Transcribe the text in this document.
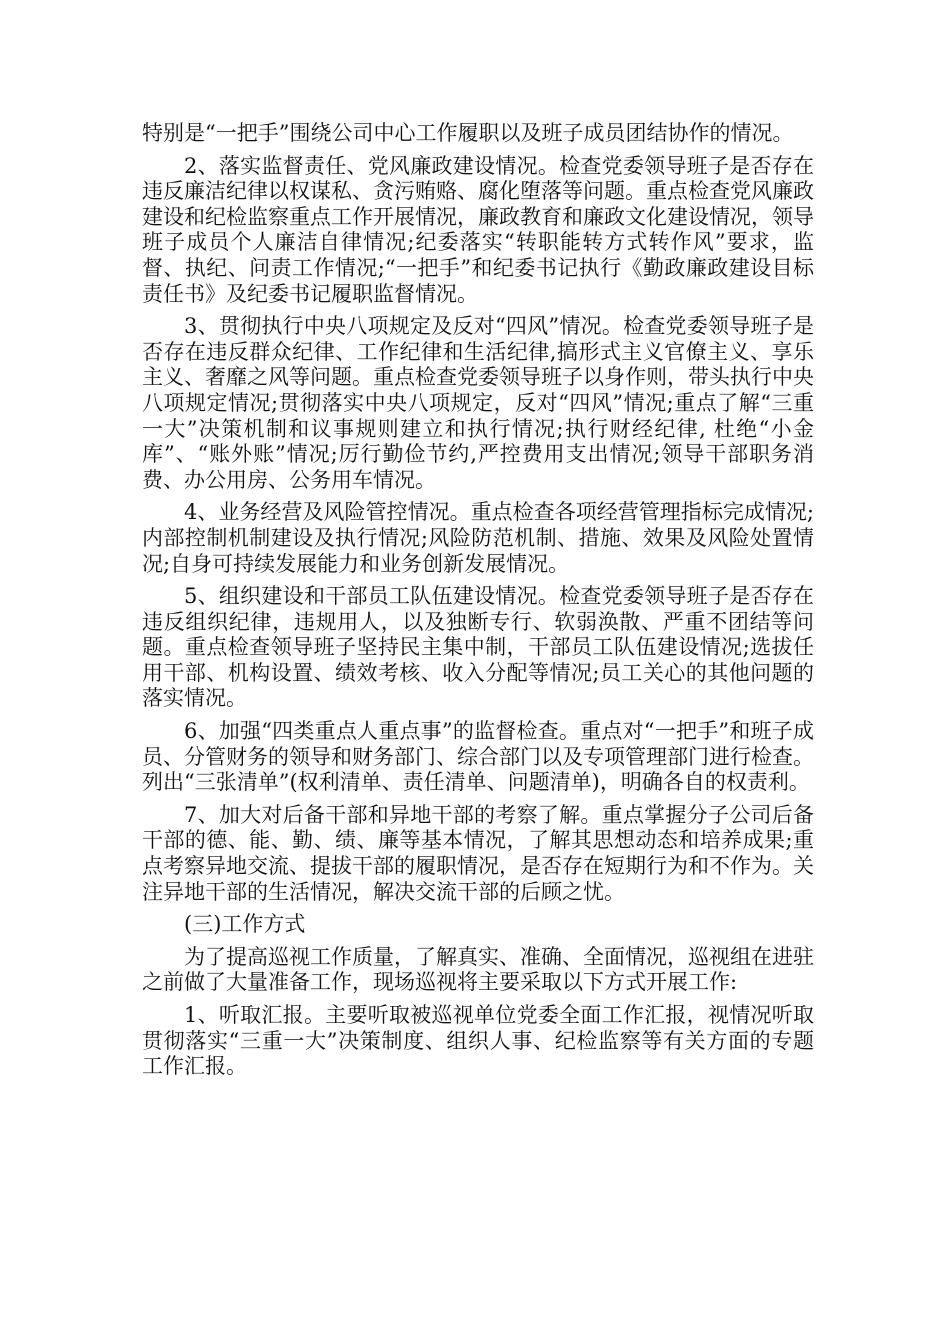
特别是“一把手”围绕公司中心工作履职以及班子成员团结协作的情况。

2、落实监督责任、党风廉政建设情况。检查党委领导班子是否存在违反廉洁纪律以权谋私、贪污贿赂、腐化堕落等问题。重点检查党风廉政建设和纪检监察重点工作开展情况，廉政教育和廉政文化建设情况，领导班子成员个人廉洁自律情况;纪委落实“转职能转方式转作风”要求，监督、执纪、问责工作情况;“一把手”和纪委书记执行《勤政廉政建设目标责任书》及纪委书记履职监督情况。

3、贯彻执行中央八项规定及反对“四风”情况。检查党委领导班子是否存在违反群众纪律、工作纪律和生活纪律,搞形式主义官僚主义、享乐主义、奢靡之风等问题。重点检查党委领导班子以身作则，带头执行中央八项规定情况;贯彻落实中央八项规定，反对“四风”情况;重点了解“三重一大”决策机制和议事规则建立和执行情况;执行财经纪律, 杜绝“小金库”、“账外账”情况;厉行勤俭节约,严控费用支出情况;领导干部职务消费、办公用房、公务用车情况。

4、业务经营及风险管控情况。重点检查各项经营管理指标完成情况;内部控制机制建设及执行情况;风险防范机制、措施、效果及风险处置情况;自身可持续发展能力和业务创新发展情况。

5、组织建设和干部员工队伍建设情况。检查党委领导班子是否存在违反组织纪律，违规用人，以及独断专行、软弱涣散、严重不团结等问题。重点检查领导班子坚持民主集中制，干部员工队伍建设情况;选拔任用干部、机构设置、绩效考核、收入分配等情况;员工关心的其他问题的落实情况。

6、加强“四类重点人重点事”的监督检查。重点对“一把手”和班子成员、分管财务的领导和财务部门、综合部门以及专项管理部门进行检查。列出“三张清单”(权利清单、责任清单、问题清单)，明确各自的权责利。

7、加大对后备干部和异地干部的考察了解。重点掌握分子公司后备干部的德、能、勤、绩、廉等基本情况，了解其思想动态和培养成果;重点考察异地交流、提拔干部的履职情况，是否存在短期行为和不作为。关注异地干部的生活情况，解决交流干部的后顾之忧。

(三)工作方式

为了提高巡视工作质量，了解真实、准确、全面情况，巡视组在进驻之前做了大量准备工作，现场巡视将主要采取以下方式开展工作:

1、听取汇报。主要听取被巡视单位党委全面工作汇报，视情况听取贯彻落实“三重一大”决策制度、组织人事、纪检监察等有关方面的专题工作汇报。
